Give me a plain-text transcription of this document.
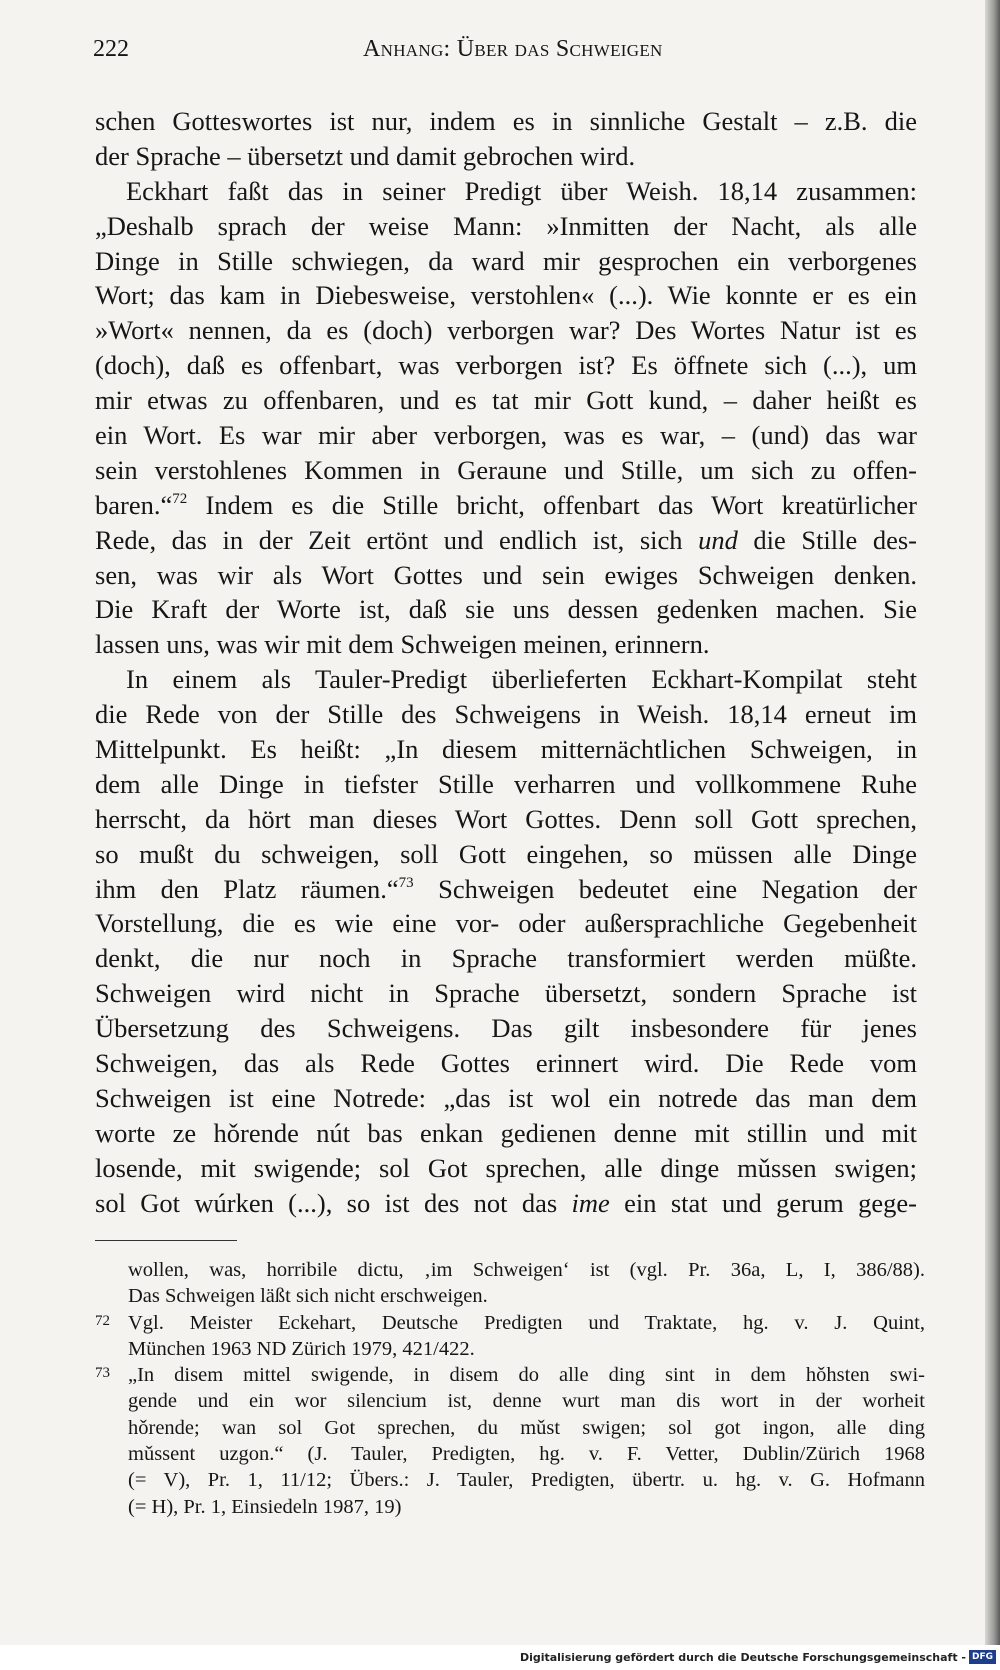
222	Anhang: Über das Schweigen
schen Gotteswortes ist nur, indem es in sinnliche Gestalt – z.B. die
der Sprache – übersetzt und damit gebrochen wird.
Eckhart faßt das in seiner Predigt über Weish. 18,14 zusammen:
„Deshalb sprach der weise Mann: »Inmitten der Nacht, als alle
Dinge in Stille schwiegen, da ward mir gesprochen ein verborgenes
Wort; das kam in Diebesweise, verstohlen« (...). Wie konnte er es ein
»Wort« nennen, da es (doch) verborgen war? Des Wortes Natur ist es
(doch), daß es offenbart, was verborgen ist? Es öffnete sich (...), um
mir etwas zu offenbaren, und es tat mir Gott kund, – daher heißt es
ein Wort. Es war mir aber verborgen, was es war, – (und) das war
sein verstohlenes Kommen in Geraune und Stille, um sich zu offen-
baren.“$^{72}$ Indem es die Stille bricht, offenbart das Wort kreatürlicher
Rede, das in der Zeit ertönt und endlich ist, sich und die Stille des-
sen, was wir als Wort Gottes und sein ewiges Schweigen denken.
Die Kraft der Worte ist, daß sie uns dessen gedenken machen. Sie
lassen uns, was wir mit dem Schweigen meinen, erinnern.
In einem als Tauler-Predigt überlieferten Eckhart-Kompilat steht
die Rede von der Stille des Schweigens in Weish. 18,14 erneut im
Mittelpunkt. Es heißt: „In diesem mitternächtlichen Schweigen, in
dem alle Dinge in tiefster Stille verharren und vollkommene Ruhe
herrscht, da hört man dieses Wort Gottes. Denn soll Gott sprechen,
so mußt du schweigen, soll Gott eingehen, so müssen alle Dinge
ihm den Platz räumen.“$^{73}$ Schweigen bedeutet eine Negation der
Vorstellung, die es wie eine vor- oder außersprachliche Gegebenheit
denkt, die nur noch in Sprache transformiert werden müßte.
Schweigen wird nicht in Sprache übersetzt, sondern Sprache ist
Übersetzung des Schweigens. Das gilt insbesondere für jenes
Schweigen, das als Rede Gottes erinnert wird. Die Rede vom
Schweigen ist eine Notrede: „das ist wol ein notrede das man dem
worte ze hǒrende nút bas enkan gedienen denne mit stillin und mit
losende, mit swigende; sol Got sprechen, alle dinge mǔssen swigen;
sol Got wúrken (...), so ist des not das ime ein stat und gerum gege-
wollen, was, horribile dictu, ‚im Schweigen‘ ist (vgl. Pr. 36a, L, I, 386/88).
Das Schweigen läßt sich nicht erschweigen.
72 Vgl. Meister Eckehart, Deutsche Predigten und Traktate, hg. v. J. Quint,
München 1963 ND Zürich 1979, 421/422.
73 „In disem mittel swigende, in disem do alle ding sint in dem hǒhsten swi-
gende und ein wor silencium ist, denne wurt man dis wort in der worheit
hǒrende; wan sol Got sprechen, du mǔst swigen; sol got ingon, alle ding
mǔssent uzgon.“ (J. Tauler, Predigten, hg. v. F. Vetter, Dublin/Zürich 1968
(= V), Pr. 1, 11/12; Übers.: J. Tauler, Predigten, übertr. u. hg. v. G. Hofmann
(= H), Pr. 1, Einsiedeln 1987, 19)
Digitalisierung gefördert durch die Deutsche Forschungsgemeinschaft - DFG
